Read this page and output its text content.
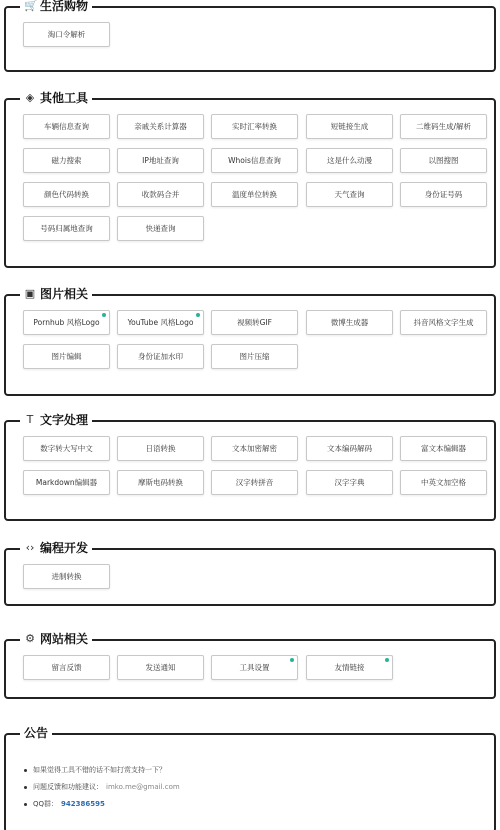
🛒 生活购物
淘口令解析
◈ 其他工具
车辆信息查询	亲戚关系计算器	实时汇率转换	短链接生成	二维码生成/解析
磁力搜索	IP地址查询	Whois信息查询	这是什么动漫	以图搜图
颜色代码转换	收款码合并	温度单位转换	天气查询	身份证号码
号码归属地查询	快递查询
▣ 图片相关
Pornhub 风格Logo	YouTube 风格Logo	视频转GIF	微博生成器	抖音风格文字生成
图片编辑	身份证加水印	图片压缩
T 文字处理
数字转大写中文	日语转换	文本加密解密	文本编码解码	富文本编辑器
Markdown编辑器	摩斯电码转换	汉字转拼音	汉字字典	中英文加空格
‹› 编程开发
进制转换
⚙ 网站相关
留言反馈	发送通知	工具设置	友情链接
公告
如果觉得工具不错的话不如打赏支持一下？
问题反馈和功能建议： imko.me@gmail.com
QQ群： 942386595
